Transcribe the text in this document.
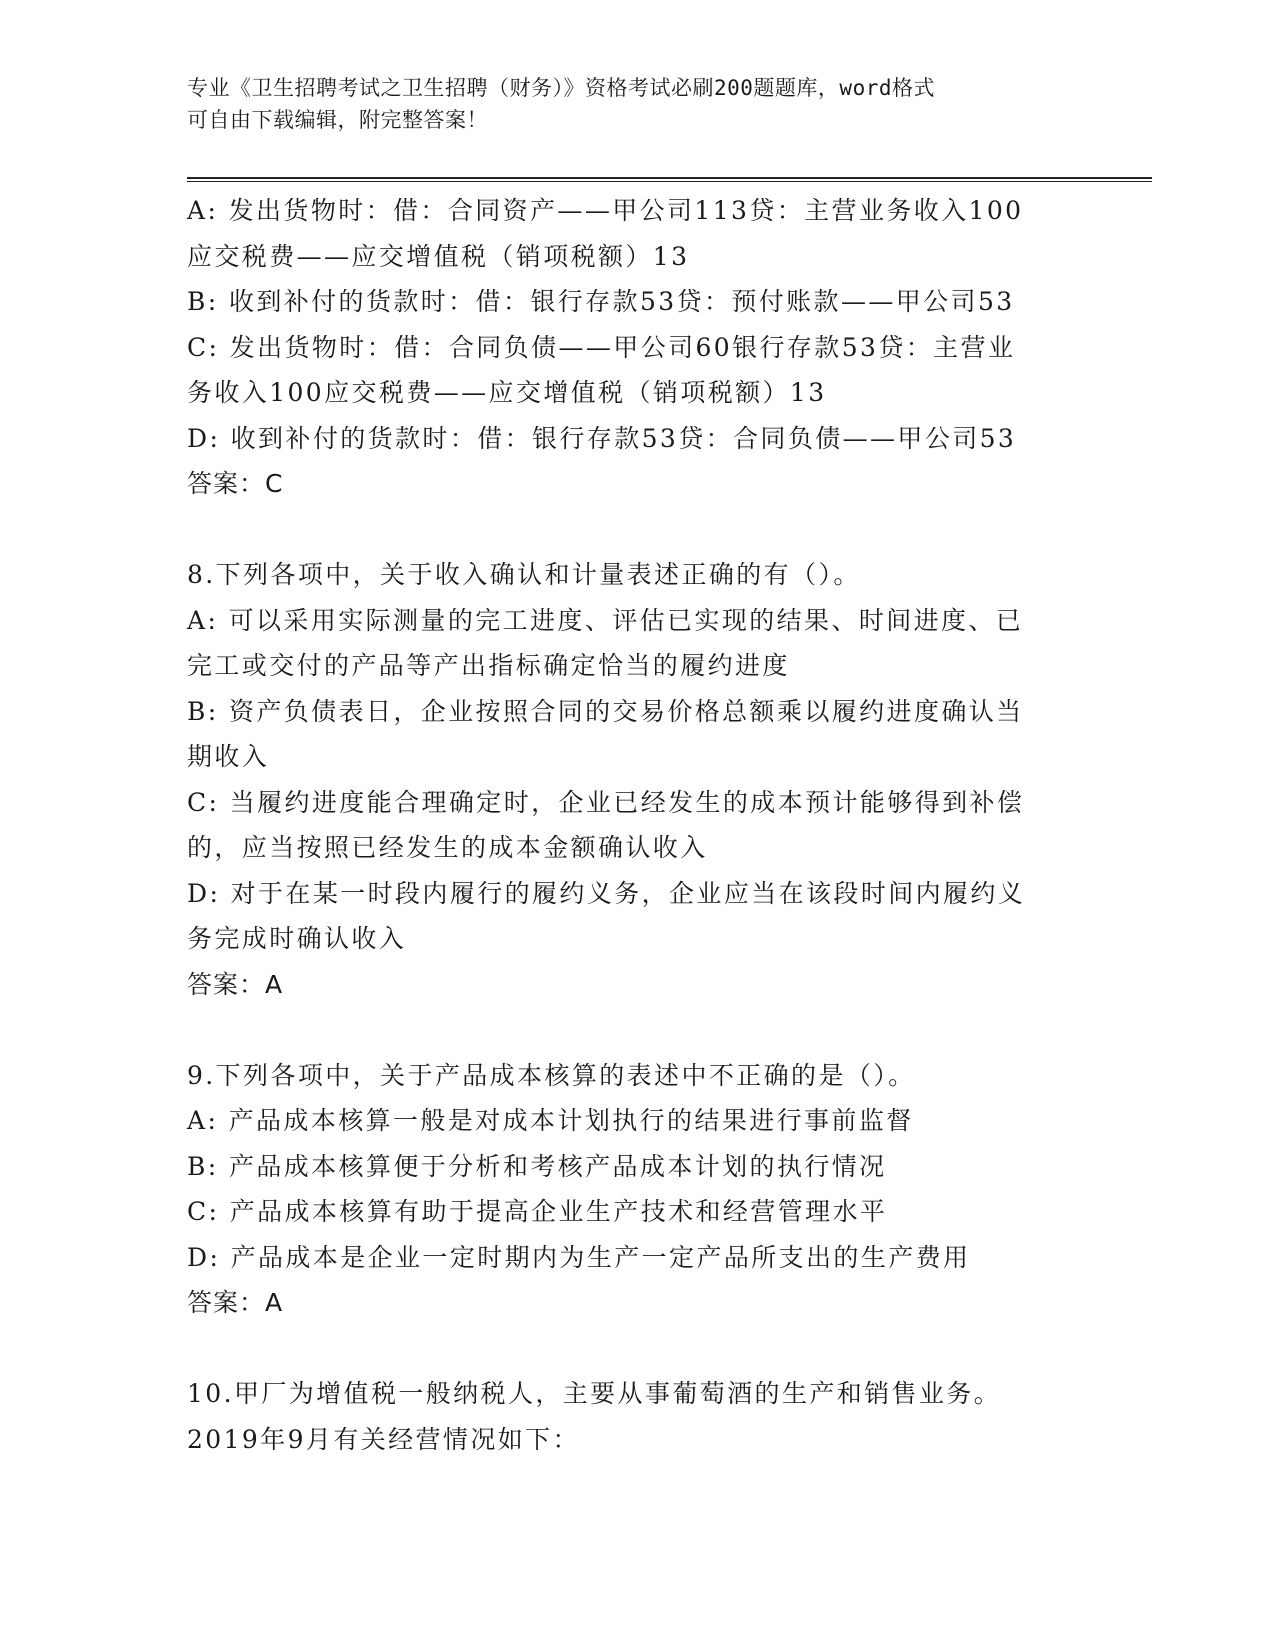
专业《卫生招聘考试之卫生招聘（财务）》资格考试必刷200题题库，word格式
可自由下载编辑，附完整答案！
A: 发出货物时：借：合同资产——甲公司113贷：主营业务收入100
应交税费——应交增值税（销项税额）13
B: 收到补付的货款时：借：银行存款53贷：预付账款——甲公司53
C: 发出货物时：借：合同负债——甲公司60银行存款53贷：主营业
务收入100应交税费——应交增值税（销项税额）13
D: 收到补付的货款时：借：银行存款53贷：合同负债——甲公司53
答案：C
8.下列各项中，关于收入确认和计量表述正确的有（）。
A: 可以采用实际测量的完工进度、评估已实现的结果、时间进度、已
完工或交付的产品等产出指标确定恰当的履约进度
B: 资产负债表日，企业按照合同的交易价格总额乘以履约进度确认当
期收入
C: 当履约进度能合理确定时，企业已经发生的成本预计能够得到补偿
的，应当按照已经发生的成本金额确认收入
D: 对于在某一时段内履行的履约义务，企业应当在该段时间内履约义
务完成时确认收入
答案：A
9.下列各项中，关于产品成本核算的表述中不正确的是（）。
A: 产品成本核算一般是对成本计划执行的结果进行事前监督
B: 产品成本核算便于分析和考核产品成本计划的执行情况
C: 产品成本核算有助于提高企业生产技术和经营管理水平
D: 产品成本是企业一定时期内为生产一定产品所支出的生产费用
答案：A
10.甲厂为增值税一般纳税人，主要从事葡萄酒的生产和销售业务。
2019年9月有关经营情况如下：
